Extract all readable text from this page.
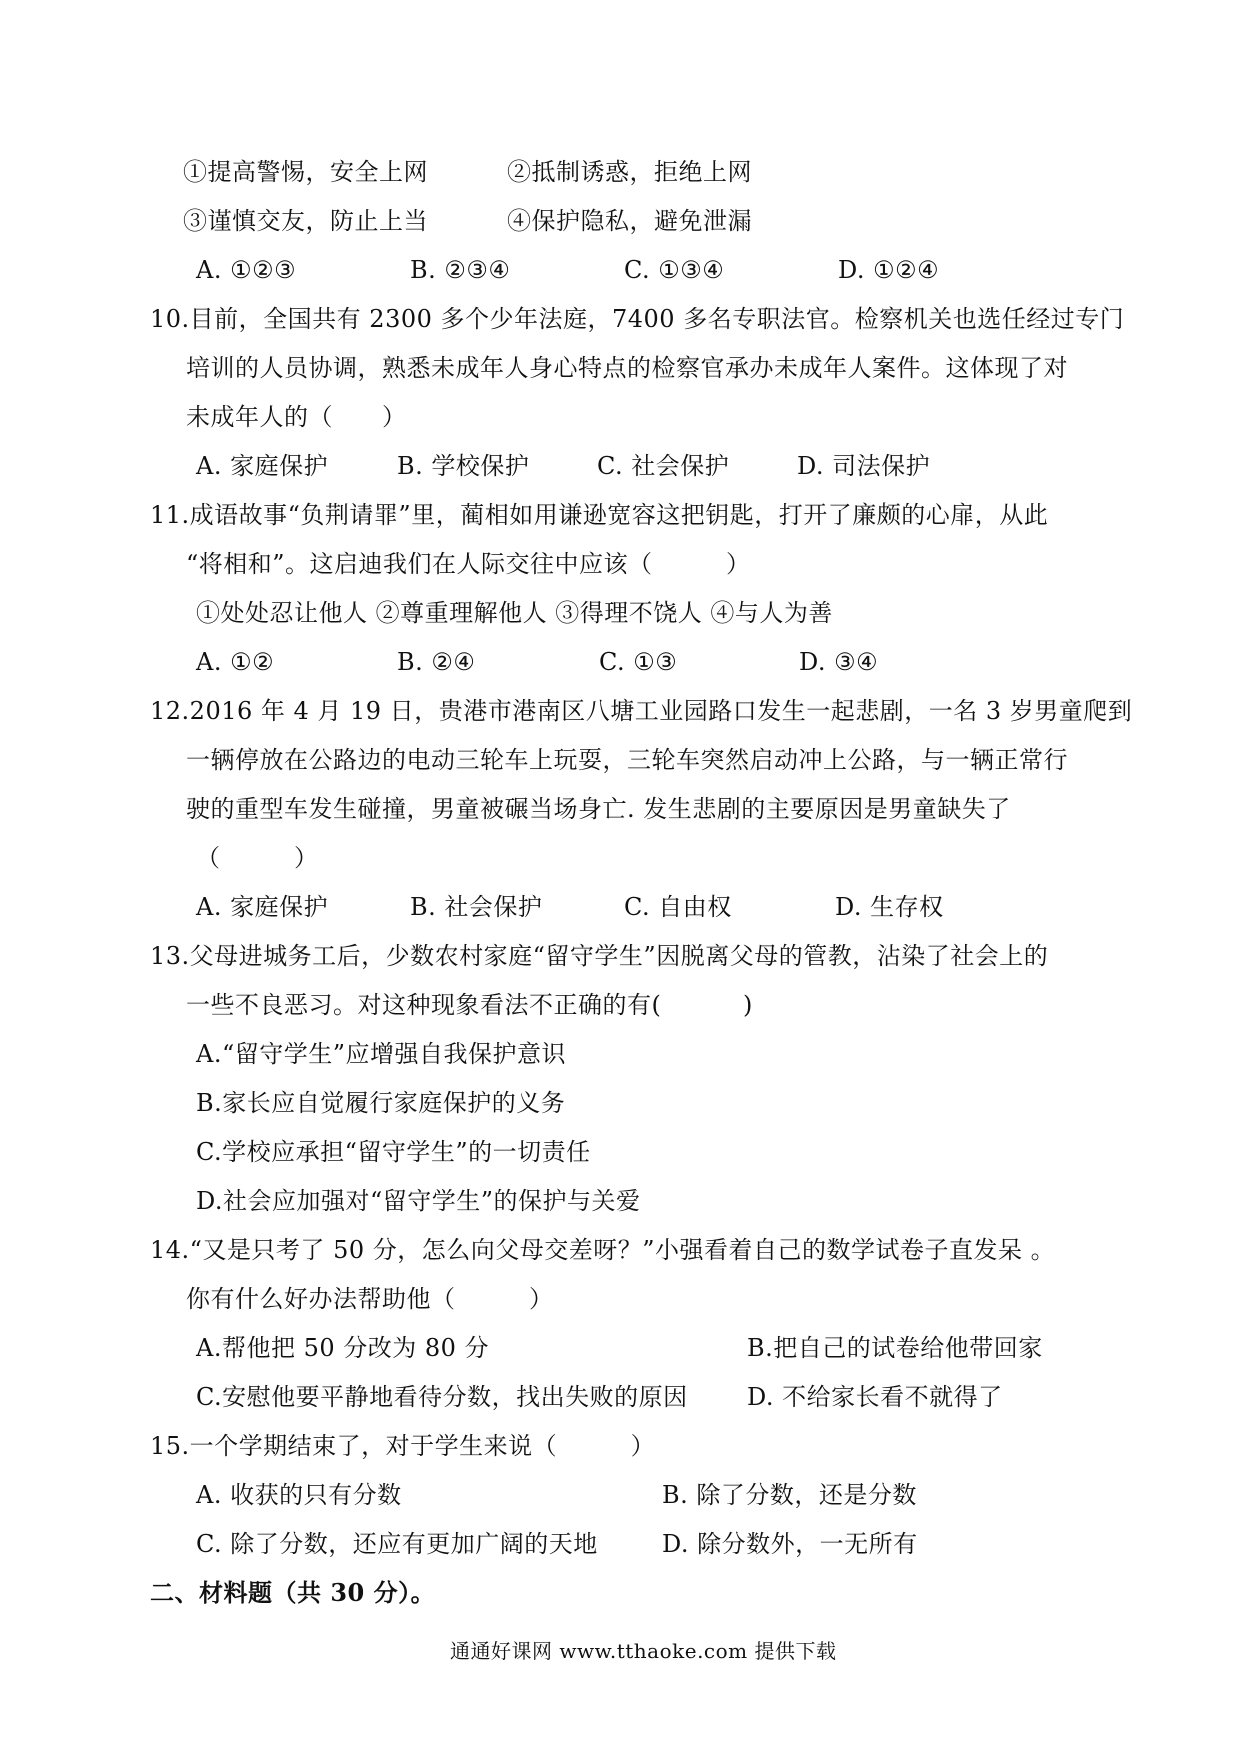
①提高警惕，安全上网	②抵制诱惑，拒绝上网
③谨慎交友，防止上当	④保护隐私，避免泄漏
A. ①②③	B. ②③④	C. ①③④	D. ①②④
10.目前，全国共有 2300 多个少年法庭，7400 多名专职法官。检察机关也选任经过专门
培训的人员协调，熟悉未成年人身心特点的检察官承办未成年人案件。这体现了对
未成年人的（　　）
A. 家庭保护	B. 学校保护	C. 社会保护	D. 司法保护
11.成语故事“负荆请罪”里，蔺相如用谦逊宽容这把钥匙，打开了廉颇的心扉，从此
“将相和”。这启迪我们在人际交往中应该（　　　）
①处处忍让他人 ②尊重理解他人 ③得理不饶人 ④与人为善
A. ①②	B. ②④	C. ①③	D. ③④
12.2016 年 4 月 19 日，贵港市港南区八塘工业园路口发生一起悲剧，一名 3 岁男童爬到
一辆停放在公路边的电动三轮车上玩耍，三轮车突然启动冲上公路，与一辆正常行
驶的重型车发生碰撞，男童被碾当场身亡. 发生悲剧的主要原因是男童缺失了
（　　　）
A. 家庭保护	B. 社会保护	C. 自由权	D. 生存权
13.父母进城务工后，少数农村家庭“留守学生”因脱离父母的管教，沾染了社会上的
一些不良恶习。对这种现象看法不正确的有(　　　 )
A.“留守学生”应增强自我保护意识
B.家长应自觉履行家庭保护的义务
C.学校应承担“留守学生”的一切责任
D.社会应加强对“留守学生”的保护与关爱
14.“又是只考了 50 分，怎么向父母交差呀？”小强看着自己的数学试卷子直发呆 。
你有什么好办法帮助他（　　　）
A.帮他把 50 分改为 80 分	B.把自己的试卷给他带回家
C.安慰他要平静地看待分数，找出失败的原因 D. 不给家长看不就得了
15.一个学期结束了，对于学生来说（　　　）
A. 收获的只有分数	B. 除了分数，还是分数
C. 除了分数，还应有更加广阔的天地	D. 除分数外，一无所有
二、材料题（共 30 分）。
通通好课网 www.tthaoke.com 提供下载
